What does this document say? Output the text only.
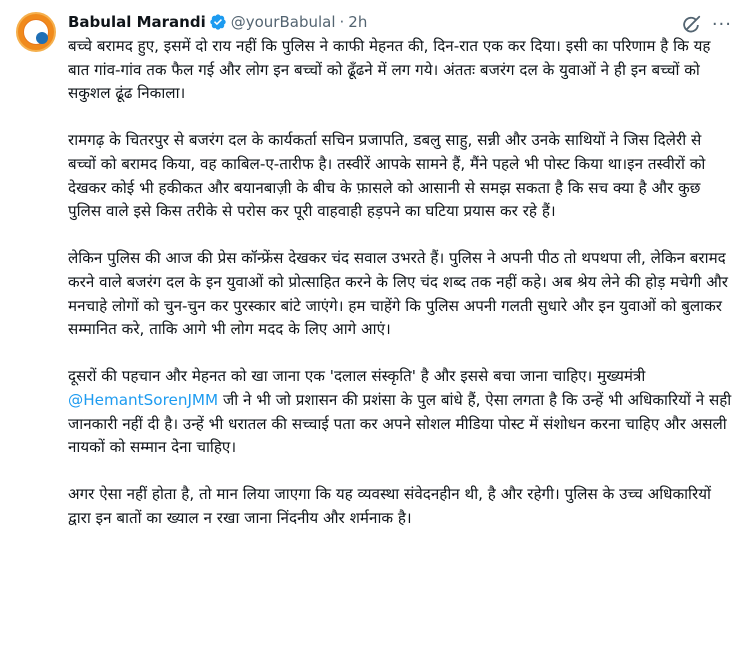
Babulal Marandi @yourBabulal · 2h

बच्चे बरामद हुए, इसमें दो राय नहीं कि पुलिस ने काफी मेहनत की, दिन-रात एक कर दिया। इसी का परिणाम है कि यह बात गांव-गांव तक फैल गई और लोग इन बच्चों को ढूँढने में लग गये। अंततः बजरंग दल के युवाओं ने ही इन बच्चों को सकुशल ढूंढ निकाला।

रामगढ़ के चितरपुर से बजरंग दल के कार्यकर्ता सचिन प्रजापति, डबलु साहु, सन्नी और उनके साथियों ने जिस दिलेरी से बच्चों को बरामद किया, वह काबिल-ए-तारीफ है। तस्वीरें आपके सामने हैं, मैंने पहले भी पोस्ट किया था।इन तस्वीरों को देखकर कोई भी हकीकत और बयानबाज़ी के बीच के फ़ासले को आसानी से समझ सकता है कि सच क्या है और कुछ पुलिस वाले इसे किस तरीके से परोस कर पूरी वाहवाही हड़पने का घटिया प्रयास कर रहे हैं।

लेकिन पुलिस की आज की प्रेस कॉन्फ्रेंस देखकर चंद सवाल उभरते हैं। पुलिस ने अपनी पीठ तो थपथपा ली, लेकिन बरामद करने वाले बजरंग दल के इन युवाओं को प्रोत्साहित करने के लिए चंद शब्द तक नहीं कहे। अब श्रेय लेने की होड़ मचेगी और मनचाहे लोगों को चुन-चुन कर पुरस्कार बांटे जाएंगे। हम चाहेंगे कि पुलिस अपनी गलती सुधारे और इन युवाओं को बुलाकर सम्मानित करे, ताकि आगे भी लोग मदद के लिए आगे आएं।

दूसरों की पहचान और मेहनत को खा जाना एक 'दलाल संस्कृति' है और इससे बचा जाना चाहिए। मुख्यमंत्री @HemantSorenJMM जी ने भी जो प्रशासन की प्रशंसा के पुल बांधे हैं, ऐसा लगता है कि उन्हें भी अधिकारियों ने सही जानकारी नहीं दी है। उन्हें भी धरातल की सच्चाई पता कर अपने सोशल मीडिया पोस्ट में संशोधन करना चाहिए और असली नायकों को सम्मान देना चाहिए।

अगर ऐसा नहीं होता है, तो मान लिया जाएगा कि यह व्यवस्था संवेदनहीन थी, है और रहेगी। पुलिस के उच्च अधिकारियों द्वारा इन बातों का ख्याल न रखा जाना निंदनीय और शर्मनाक है।

···
